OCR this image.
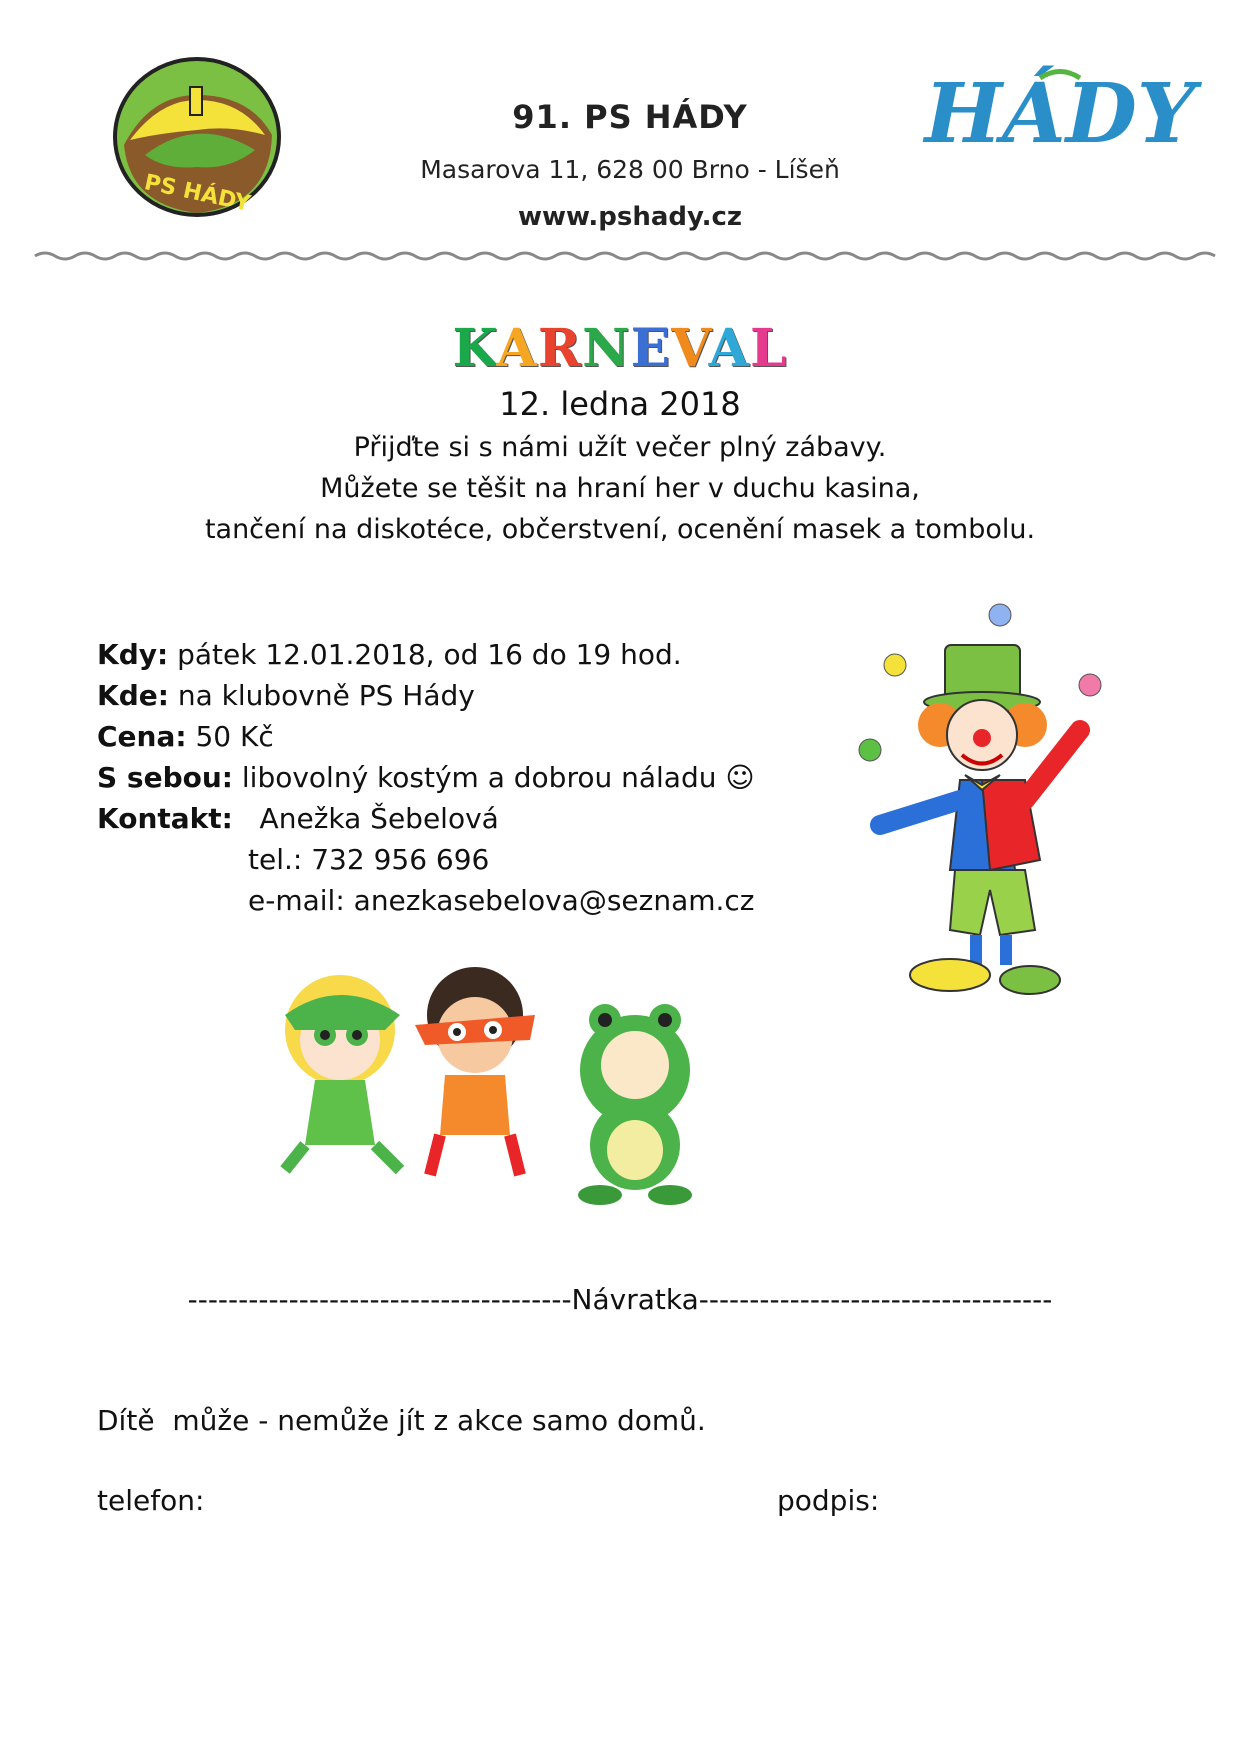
PS HÁDY
91. PS HÁDY
Masarova 11, 628 00 Brno - Líšeň
www.pshady.cz
HÁDY
KARNEVAL
12. ledna 2018
Přijďte si s námi užít večer plný zábavy.
Můžete se těšit na hraní her v duchu kasina,
tančení na diskotéce, občerstvení, ocenění masek a tombolu.
Kdy: pátek 12.01.2018, od 16 do 19 hod.
Kde: na klubovně PS Hády
Cena: 50 Kč
S sebou: libovolný kostým a dobrou náladu ☺
Kontakt:   Anežka Šebelová
tel.: 732 956 696
e-mail: anezkasebelova@seznam.cz
--------------------------------------Návratka-----------------------------------
Dítě  může - nemůže jít z akce samo domů.
telefon:	podpis:
